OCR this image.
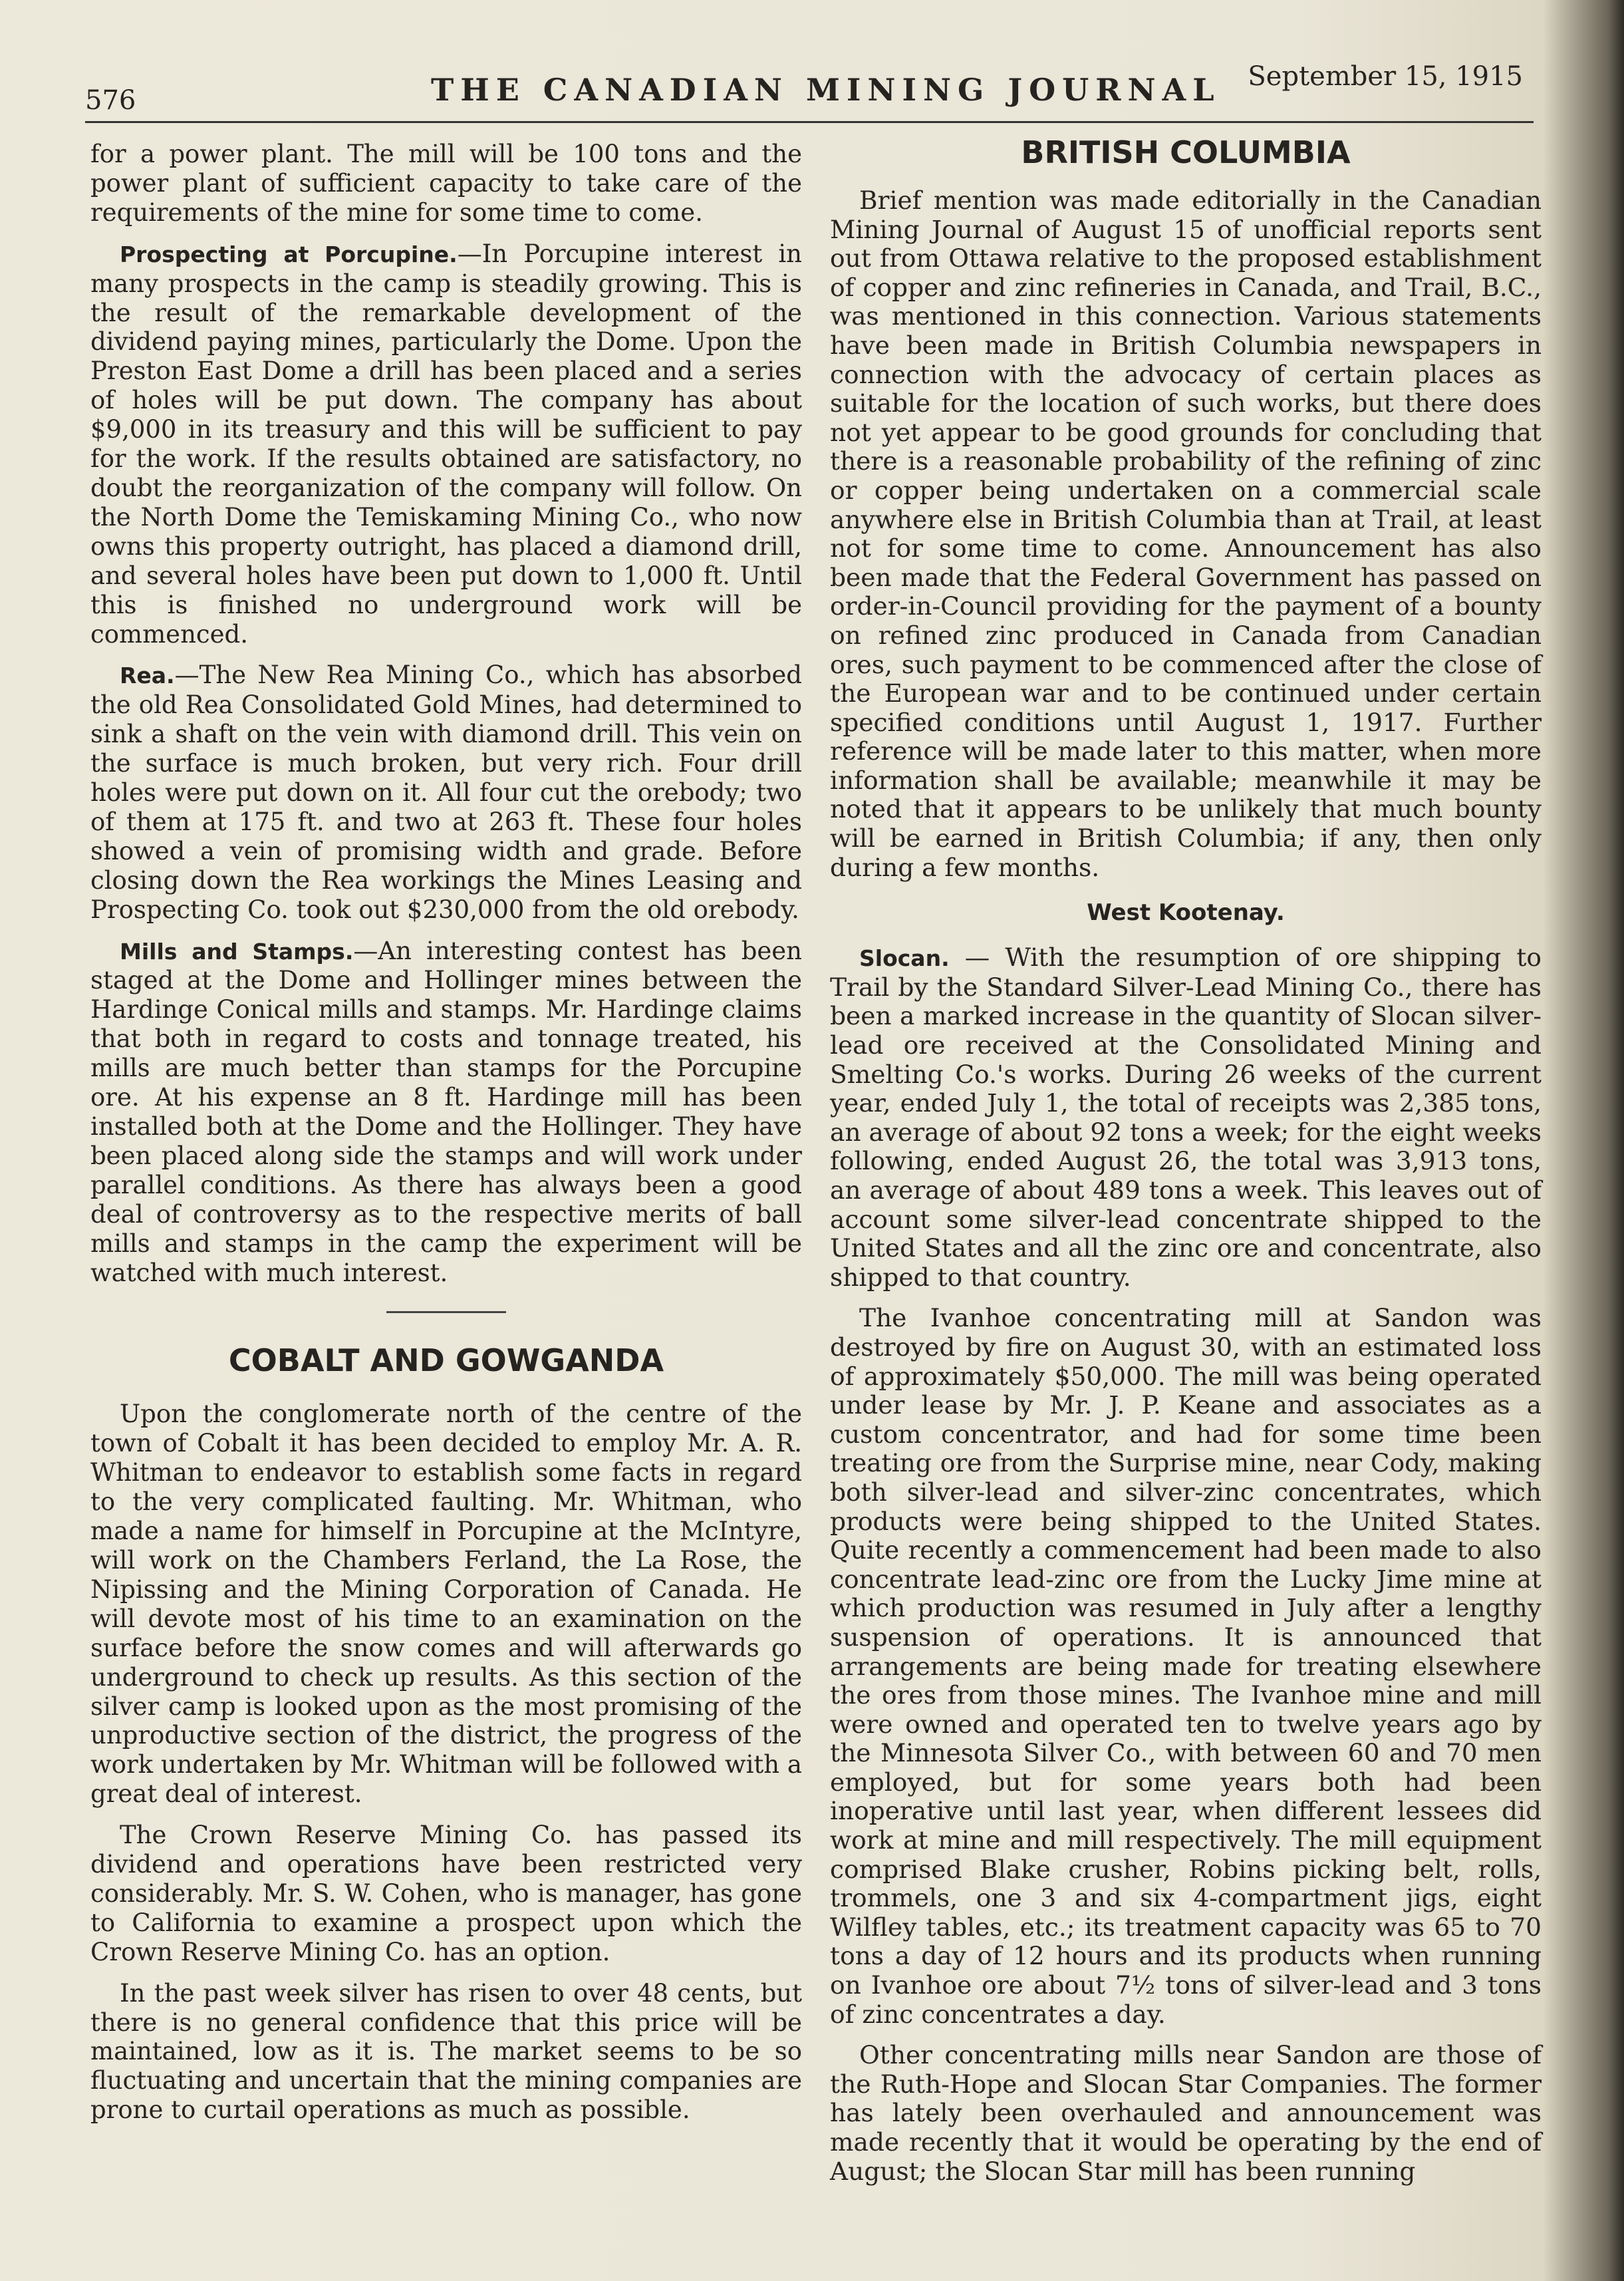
576	THE CANADIAN MINING JOURNAL September 15, 1915

for a power plant. The mill will be 100 tons and the power plant of sufficient capacity to take care of the requirements of the mine for some time to come.

Prospecting at Porcupine.—In Porcupine interest in many prospects in the camp is steadily growing. This is the result of the remarkable development of the dividend paying mines, particularly the Dome. Upon the Preston East Dome a drill has been placed and a series of holes will be put down. The company has about $9,000 in its treasury and this will be sufficient to pay for the work. If the results obtained are satisfactory, no doubt the reorganization of the company will follow. On the North Dome the Temiskaming Mining Co., who now owns this property outright, has placed a diamond drill, and several holes have been put down to 1,000 ft. Until this is finished no underground work will be commenced.

Rea.—The New Rea Mining Co., which has absorbed the old Rea Consolidated Gold Mines, had determined to sink a shaft on the vein with diamond drill. This vein on the surface is much broken, but very rich. Four drill holes were put down on it. All four cut the orebody; two of them at 175 ft. and two at 263 ft. These four holes showed a vein of promising width and grade. Before closing down the Rea workings the Mines Leasing and Prospecting Co. took out $230,000 from the old orebody.

Mills and Stamps.—An interesting contest has been staged at the Dome and Hollinger mines between the Hardinge Conical mills and stamps. Mr. Hardinge claims that both in regard to costs and tonnage treated, his mills are much better than stamps for the Porcupine ore. At his expense an 8 ft. Hardinge mill has been installed both at the Dome and the Hollinger. They have been placed along side the stamps and will work under parallel conditions. As there has always been a good deal of controversy as to the respective merits of ball mills and stamps in the camp the experiment will be watched with much interest.

COBALT AND GOWGANDA

Upon the conglomerate north of the centre of the town of Cobalt it has been decided to employ Mr. A. R. Whitman to endeavor to establish some facts in regard to the very complicated faulting. Mr. Whitman, who made a name for himself in Porcupine at the McIntyre, will work on the Chambers Ferland, the La Rose, the Nipissing and the Mining Corporation of Canada. He will devote most of his time to an examination on the surface before the snow comes and will afterwards go underground to check up results. As this section of the silver camp is looked upon as the most promising of the unproductive section of the district, the progress of the work undertaken by Mr. Whitman will be followed with a great deal of interest.

The Crown Reserve Mining Co. has passed its dividend and operations have been restricted very considerably. Mr. S. W. Cohen, who is manager, has gone to California to examine a prospect upon which the Crown Reserve Mining Co. has an option.

In the past week silver has risen to over 48 cents, but there is no general confidence that this price will be maintained, low as it is. The market seems to be so fluctuating and uncertain that the mining companies are prone to curtail operations as much as possible.

BRITISH COLUMBIA

Brief mention was made editorially in the Canadian Mining Journal of August 15 of unofficial reports sent out from Ottawa relative to the proposed establishment of copper and zinc refineries in Canada, and Trail, B.C., was mentioned in this connection. Various statements have been made in British Columbia newspapers in connection with the advocacy of certain places as suitable for the location of such works, but there does not yet appear to be good grounds for concluding that there is a reasonable probability of the refining of zinc or copper being undertaken on a commercial scale anywhere else in British Columbia than at Trail, at least not for some time to come. Announcement has also been made that the Federal Government has passed on order-in-Council providing for the payment of a bounty on refined zinc produced in Canada from Canadian ores, such payment to be commenced after the close of the European war and to be continued under certain specified conditions until August 1, 1917. Further reference will be made later to this matter, when more information shall be available; meanwhile it may be noted that it appears to be unlikely that much bounty will be earned in British Columbia; if any, then only during a few months.

West Kootenay.

Slocan. — With the resumption of ore shipping to Trail by the Standard Silver-Lead Mining Co., there has been a marked increase in the quantity of Slocan silver-lead ore received at the Consolidated Mining and Smelting Co.'s works. During 26 weeks of the current year, ended July 1, the total of receipts was 2,385 tons, an average of about 92 tons a week; for the eight weeks following, ended August 26, the total was 3,913 tons, an average of about 489 tons a week. This leaves out of account some silver-lead concentrate shipped to the United States and all the zinc ore and concentrate, also shipped to that country.

The Ivanhoe concentrating mill at Sandon was destroyed by fire on August 30, with an estimated loss of approximately $50,000. The mill was being operated under lease by Mr. J. P. Keane and associates as a custom concentrator, and had for some time been treating ore from the Surprise mine, near Cody, making both silver-lead and silver-zinc concentrates, which products were being shipped to the United States. Quite recently a commencement had been made to also concentrate lead-zinc ore from the Lucky Jime mine at which production was resumed in July after a lengthy suspension of operations. It is announced that arrangements are being made for treating elsewhere the ores from those mines. The Ivanhoe mine and mill were owned and operated ten to twelve years ago by the Minnesota Silver Co., with between 60 and 70 men employed, but for some years both had been inoperative until last year, when different lessees did work at mine and mill respectively. The mill equipment comprised Blake crusher, Robins picking belt, rolls, trommels, one 3 and six 4-compartment jigs, eight Wilfley tables, etc.; its treatment capacity was 65 to 70 tons a day of 12 hours and its products when running on Ivanhoe ore about 7½ tons of silver-lead and 3 tons of zinc concentrates a day.

Other concentrating mills near Sandon are those of the Ruth-Hope and Slocan Star Companies. The former has lately been overhauled and announcement was made recently that it would be operating by the end of August; the Slocan Star mill has been running
